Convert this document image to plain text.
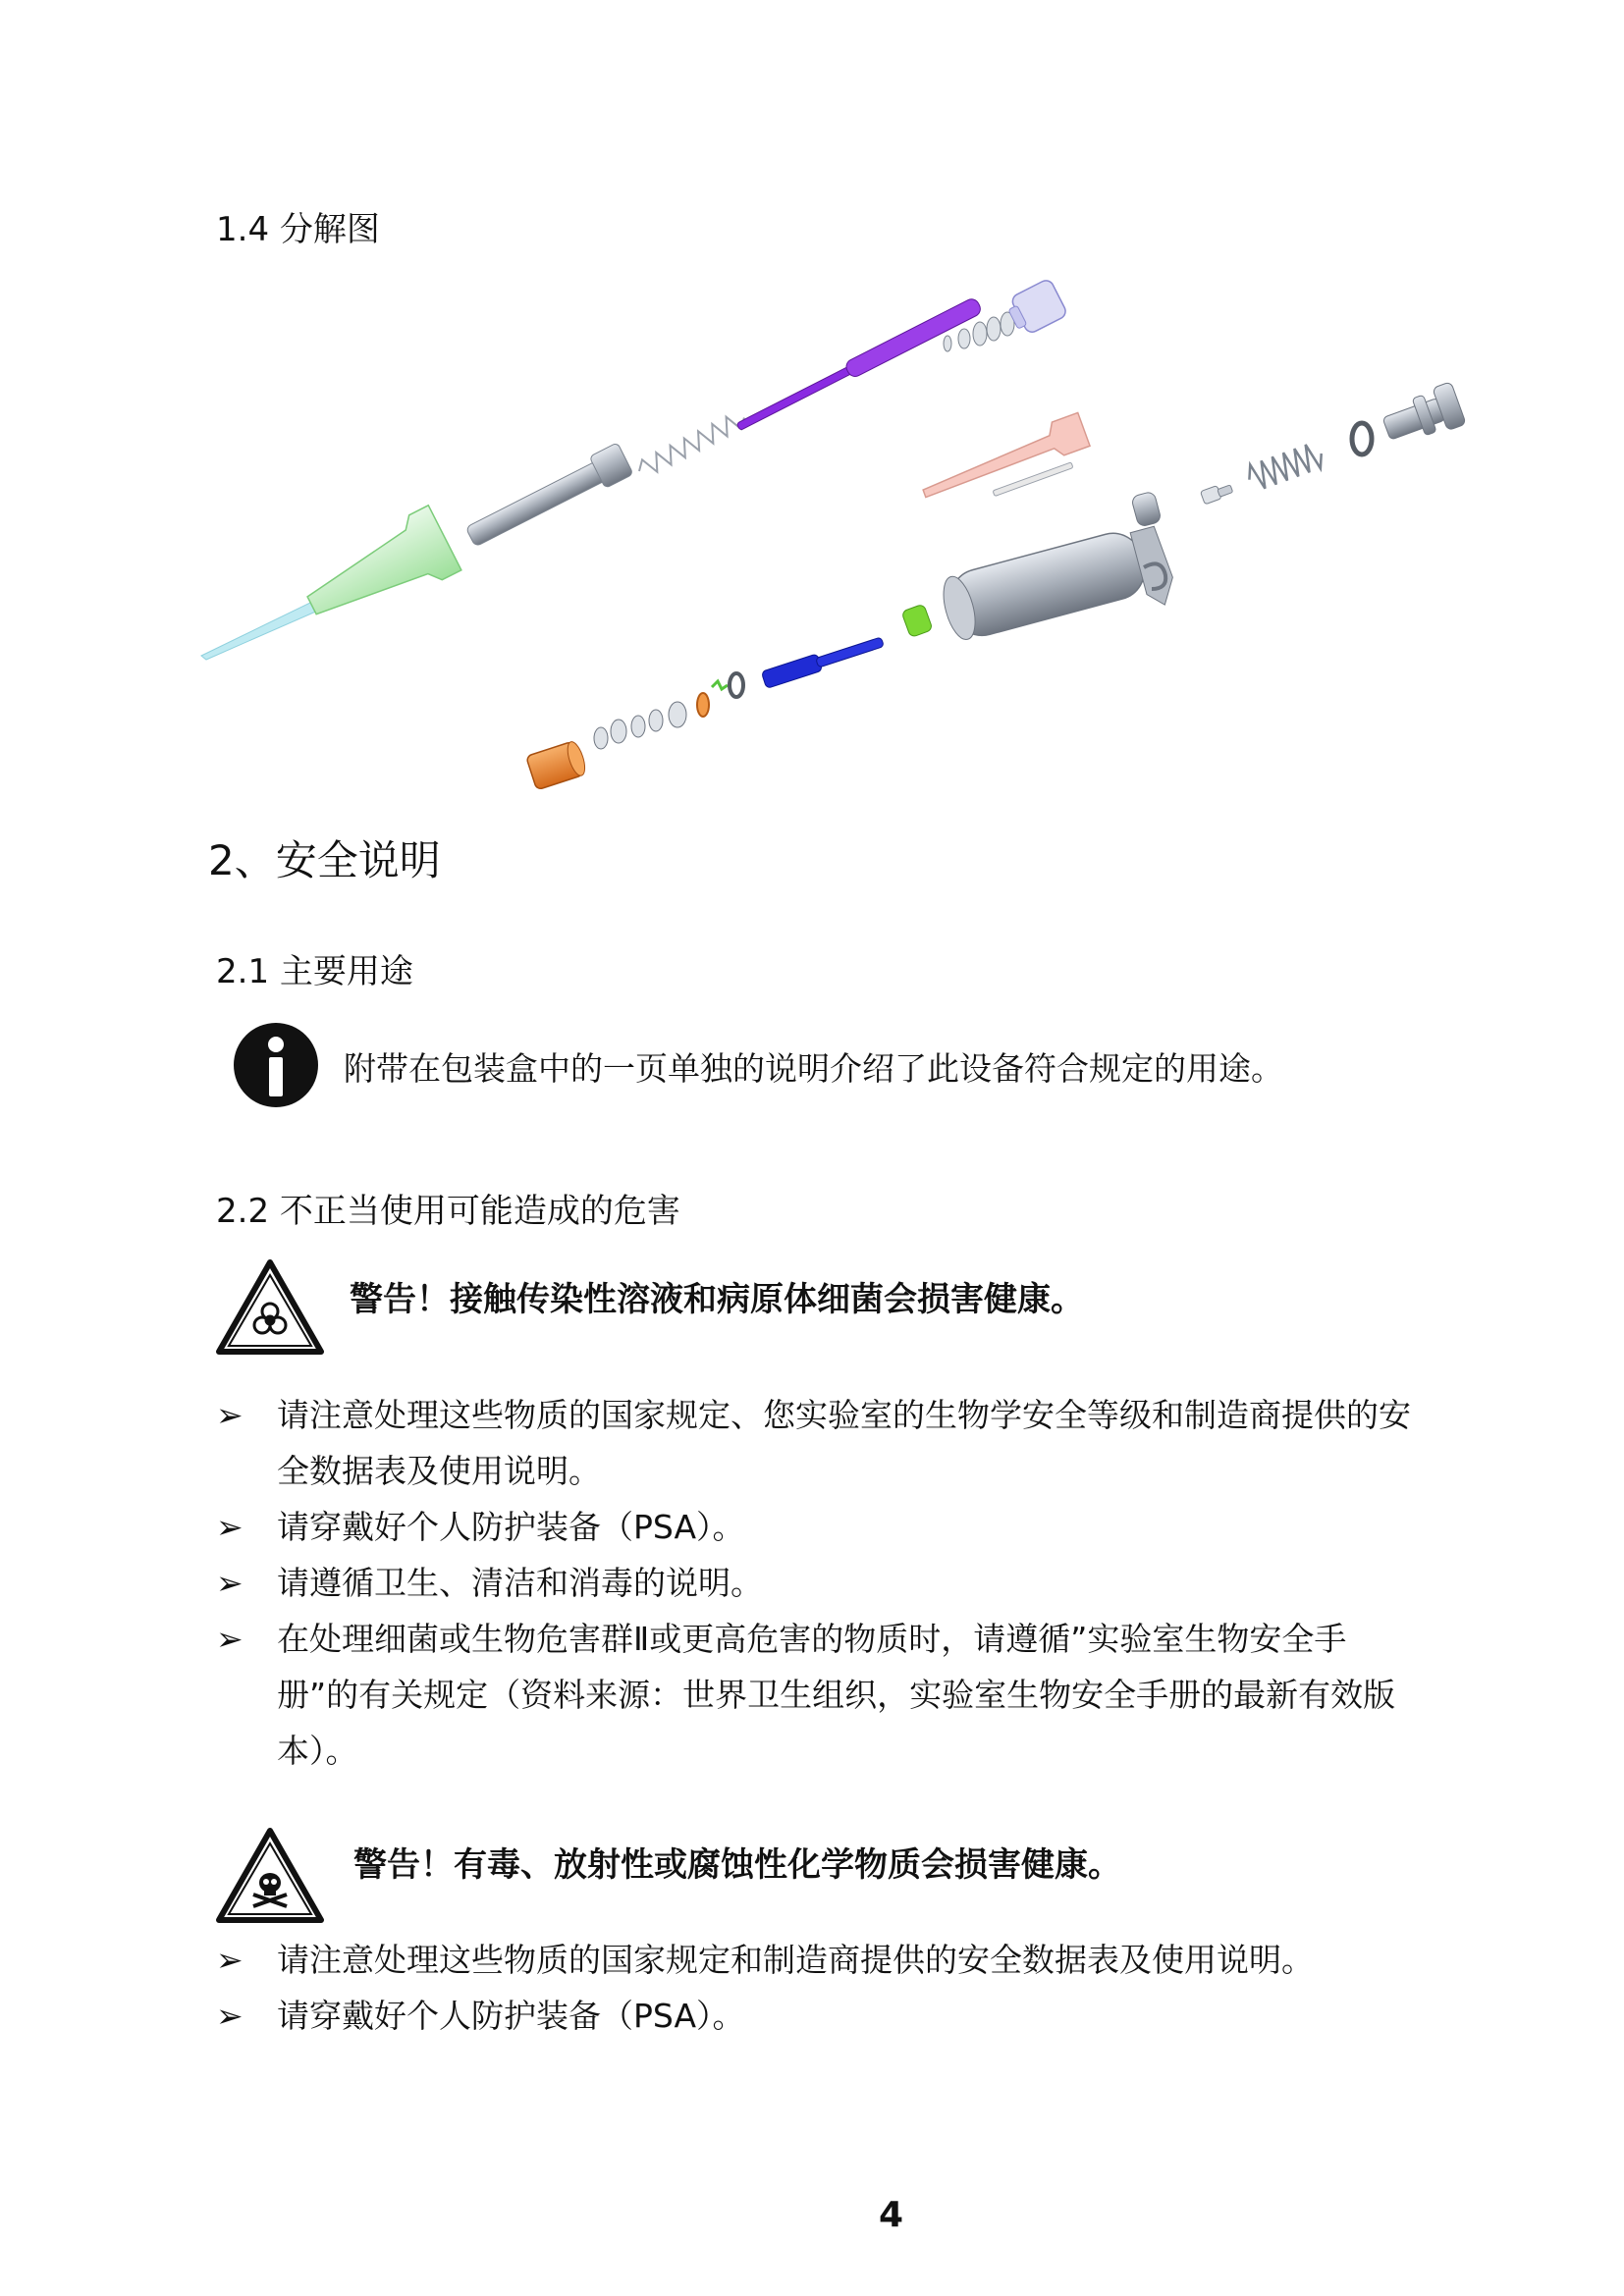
1.4 分解图
2、安全说明
2.1 主要用途
附带在包装盒中的一页单独的说明介绍了此设备符合规定的用途。
2.2 不正当使用可能造成的危害
警告！接触传染性溶液和病原体细菌会损害健康。
➢	请注意处理这些物质的国家规定、您实验室的生物学安全等级和制造商提供的安全数据表及使用说明。
➢	请穿戴好个人防护装备（PSA）。
➢	请遵循卫生、清洁和消毒的说明。
➢	在处理细菌或生物危害群Ⅱ或更高危害的物质时，请遵循”实验室生物安全手册”的有关规定（资料来源：世界卫生组织，实验室生物安全手册的最新有效版本）。
警告！有毒、放射性或腐蚀性化学物质会损害健康。
➢	请注意处理这些物质的国家规定和制造商提供的安全数据表及使用说明。
➢	请穿戴好个人防护装备（PSA）。
4
